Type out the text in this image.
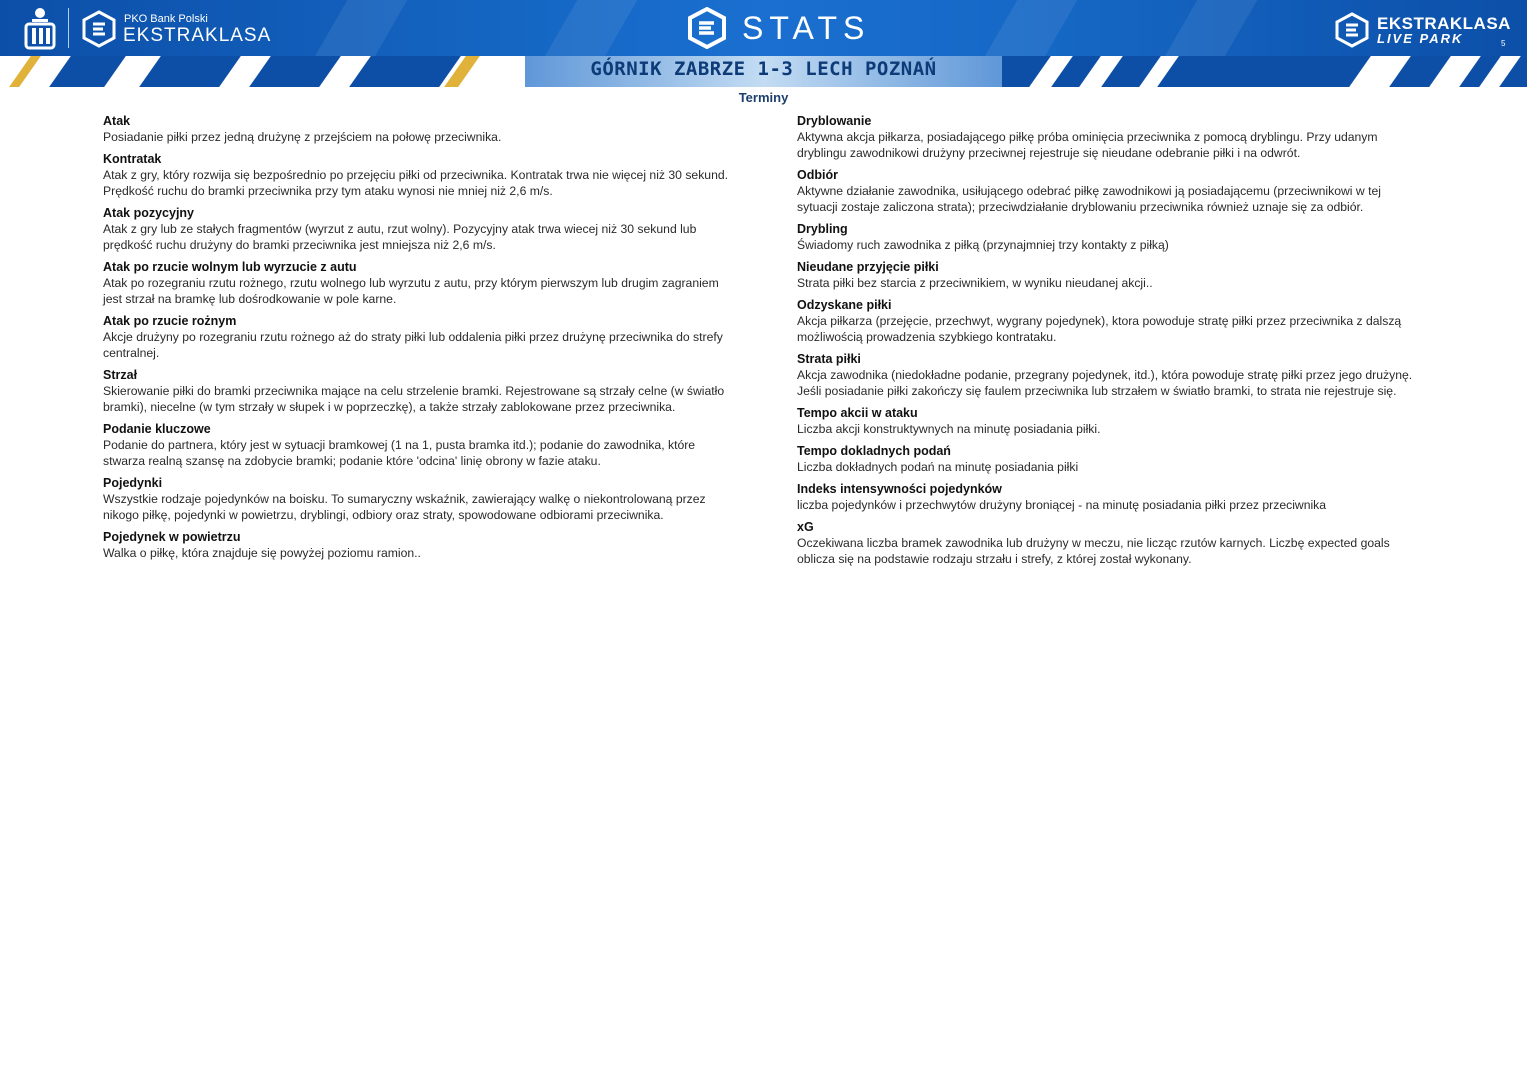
PKO Bank Polski
EKSTRAKLASA	STATS	EKSTRAKLASA
LIVE PARK	5
GÓRNIK ZABRZE 1-3 LECH POZNAŃ
Terminy
Atak
Posiadanie piłki przez jedną drużynę z przejściem na połowę przeciwnika.
Kontratak
Atak z gry, który rozwija się bezpośrednio po przejęciu piłki od przeciwnika. Kontratak trwa nie więcej niż 30 sekund. Prędkość ruchu do bramki przeciwnika przy tym ataku wynosi nie mniej niż 2,6 m/s.
Atak pozycyjny
Atak z gry lub ze stałych fragmentów (wyrzut z autu, rzut wolny). Pozycyjny atak trwa wiecej niż 30 sekund lub prędkość ruchu drużyny do bramki przeciwnika jest mniejsza niż 2,6 m/s.
Atak po rzucie wolnym lub wyrzucie z autu
Atak po rozegraniu rzutu rożnego, rzutu wolnego lub wyrzutu z autu, przy którym pierwszym lub drugim zagraniem jest strzał na bramkę lub dośrodkowanie w pole karne.
Atak po rzucie rożnym
Akcje drużyny po rozegraniu rzutu rożnego aż do straty piłki lub oddalenia piłki przez drużynę przeciwnika do strefy centralnej.
Strzał
Skierowanie piłki do bramki przeciwnika mające na celu strzelenie bramki. Rejestrowane są strzały celne (w światło bramki), niecelne (w tym strzały w słupek i w poprzeczkę), a także strzały zablokowane przez przeciwnika.
Podanie kluczowe
Podanie do partnera, który jest w sytuacji bramkowej (1 na 1, pusta bramka itd.); podanie do zawodnika, które stwarza realną szansę na zdobycie bramki; podanie które 'odcina' linię obrony w fazie ataku.
Pojedynki
Wszystkie rodzaje pojedynków na boisku. To sumaryczny wskaźnik, zawierający walkę o niekontrolowaną przez nikogo piłkę, pojedynki w powietrzu, dryblingi, odbiory oraz straty, spowodowane odbiorami przeciwnika.
Pojedynek w powietrzu
Walka o piłkę, która znajduje się powyżej poziomu ramion..
Dryblowanie
Aktywna akcja piłkarza, posiadającego piłkę próba ominięcia przeciwnika z pomocą dryblingu. Przy udanym dryblingu zawodnikowi drużyny przeciwnej rejestruje się nieudane odebranie piłki i na odwrót.
Odbiór
Aktywne działanie zawodnika, usiłującego odebrać piłkę zawodnikowi ją posiadającemu (przeciwnikowi w tej sytuacji zostaje zaliczona strata); przeciwdziałanie dryblowaniu przeciwnika również uznaje się za odbiór.
Drybling
Świadomy ruch zawodnika z piłką (przynajmniej trzy kontakty z piłką)
Nieudane przyjęcie piłki
Strata piłki bez starcia z przeciwnikiem, w wyniku nieudanej akcji..
Odzyskane piłki
Akcja piłkarza (przejęcie, przechwyt, wygrany pojedynek), ktora powoduje stratę piłki przez przeciwnika z dalszą możliwością prowadzenia szybkiego kontrataku.
Strata piłki
Akcja zawodnika (niedokładne podanie, przegrany pojedynek, itd.), która powoduje stratę piłki przez jego drużynę. Jeśli posiadanie piłki zakończy się faulem przeciwnika lub strzałem w światło bramki, to strata nie rejestruje się.
Tempo akcii w ataku
Liczba akcji konstruktywnych na minutę posiadania piłki.
Tempo dokladnych podań
Liczba dokładnych podań na minutę posiadania piłki
Indeks intensywności pojedynków
liczba pojedynków i przechwytów drużyny broniącej - na minutę posiadania piłki przez przeciwnika
xG
Oczekiwana liczba bramek zawodnika lub drużyny w meczu, nie licząc rzutów karnych. Liczbę expected goals oblicza się na podstawie rodzaju strzału i strefy, z której został wykonany.
